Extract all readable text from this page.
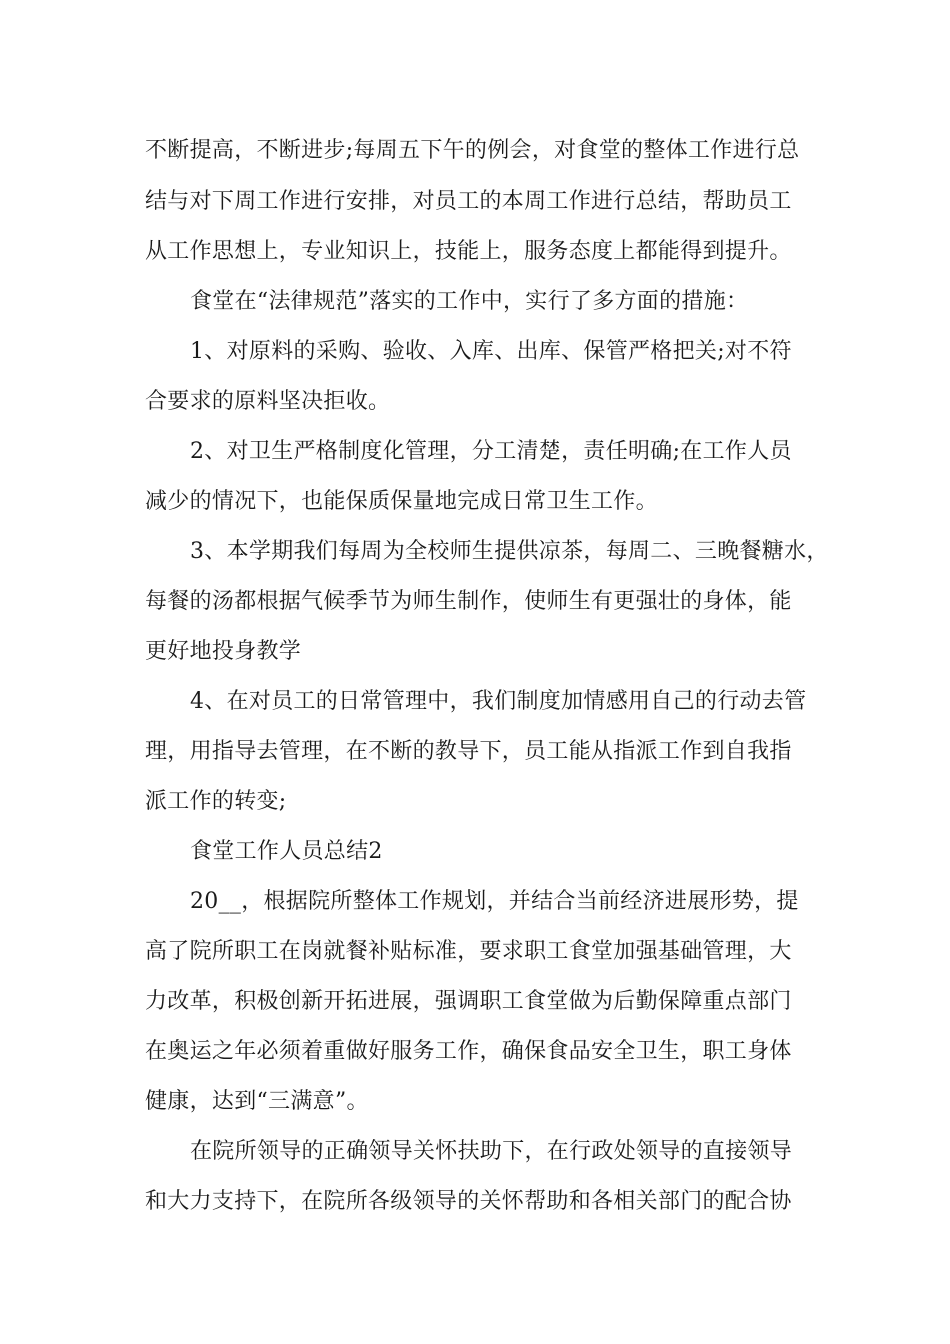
不断提高，不断进步;每周五下午的例会，对食堂的整体工作进行总

结与对下周工作进行安排，对员工的本周工作进行总结，帮助员工

从工作思想上，专业知识上，技能上，服务态度上都能得到提升。

食堂在“法律规范”落实的工作中，实行了多方面的措施：

1、对原料的采购、验收、入库、出库、保管严格把关;对不符

合要求的原料坚决拒收。

2、对卫生严格制度化管理，分工清楚，责任明确;在工作人员

减少的情况下，也能保质保量地完成日常卫生工作。

3、本学期我们每周为全校师生提供凉茶，每周二、三晚餐糖水，

每餐的汤都根据气候季节为师生制作，使师生有更强壮的身体，能

更好地投身教学

4、在对员工的日常管理中，我们制度加情感用自己的行动去管

理，用指导去管理，在不断的教导下，员工能从指派工作到自我指

派工作的转变;

食堂工作人员总结2

20__，根据院所整体工作规划，并结合当前经济进展形势，提

高了院所职工在岗就餐补贴标准，要求职工食堂加强基础管理，大

力改革，积极创新开拓进展，强调职工食堂做为后勤保障重点部门

在奥运之年必须着重做好服务工作，确保食品安全卫生，职工身体

健康，达到“三满意”。

在院所领导的正确领导关怀扶助下，在行政处领导的直接领导

和大力支持下，在院所各级领导的关怀帮助和各相关部门的配合协
